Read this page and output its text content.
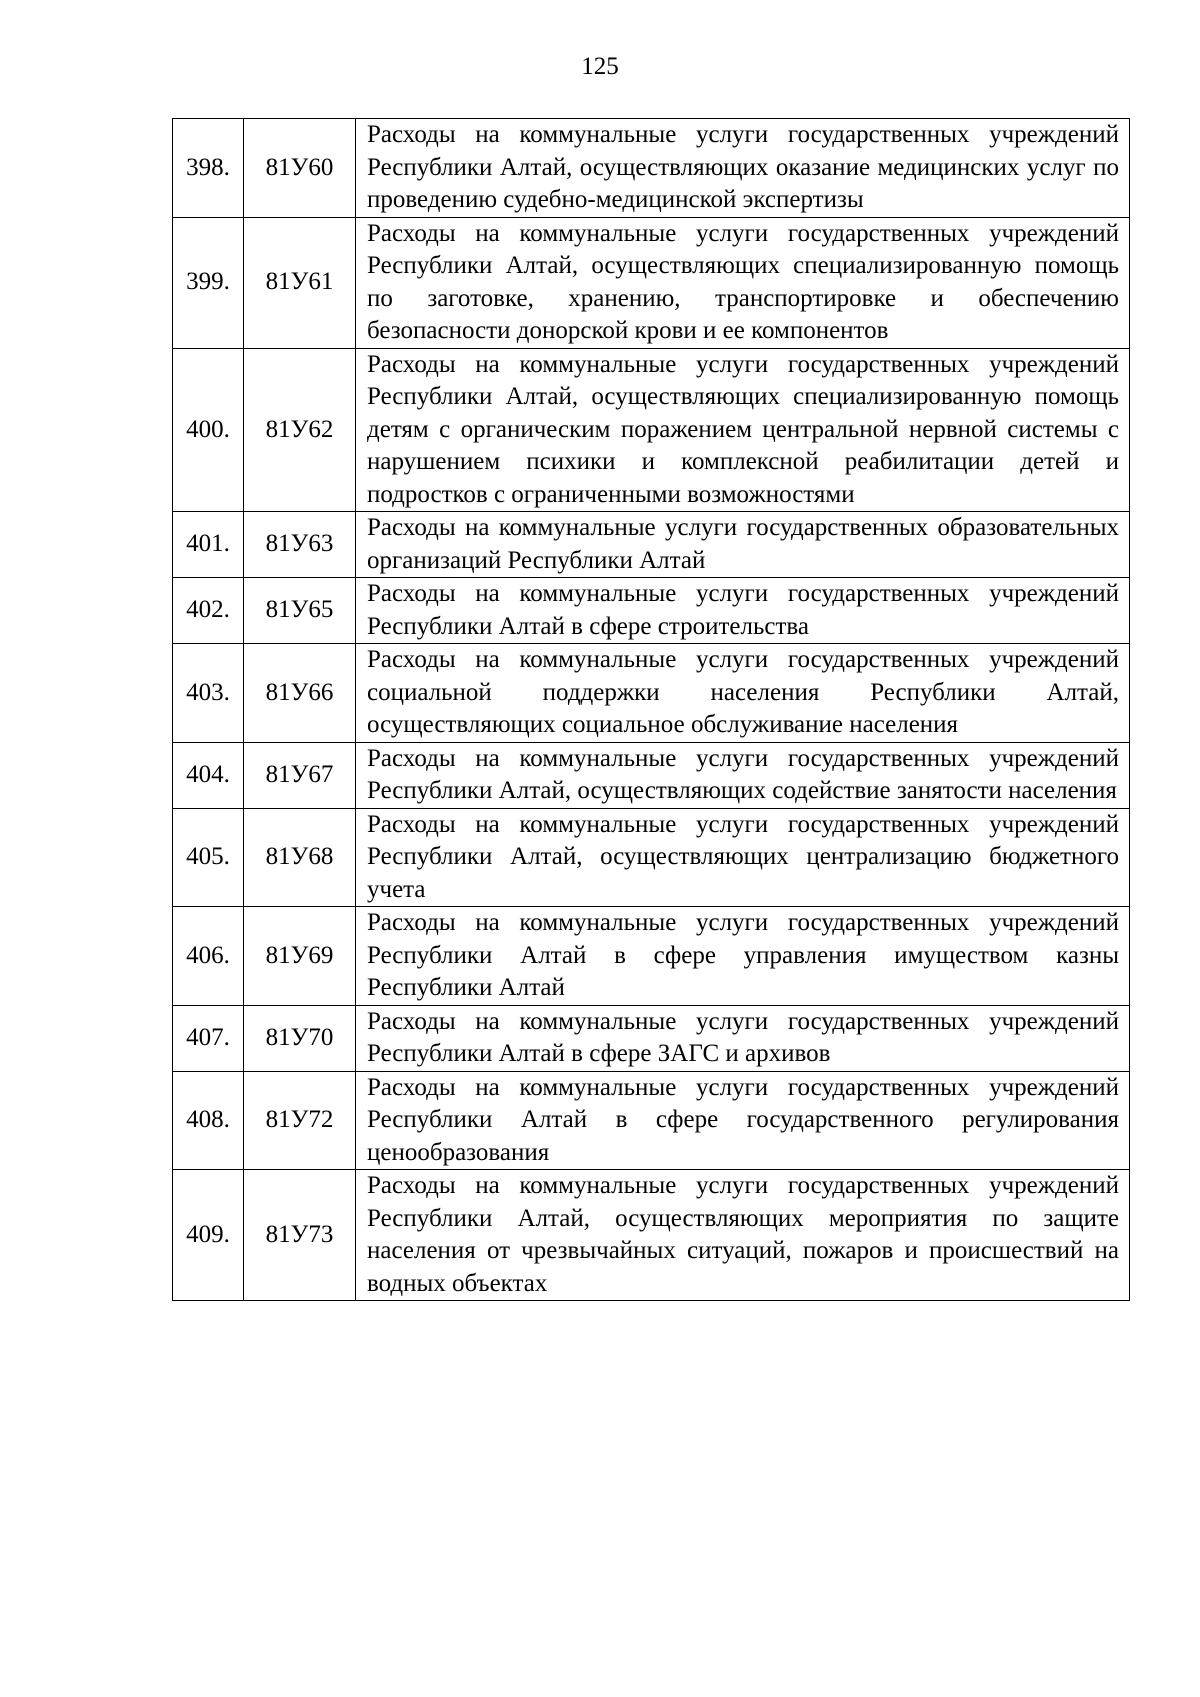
125
398.	81У60	Расходы на коммунальные услуги государственных учреждений Республики Алтай, осуществляющих оказание медицинских услуг по проведению судебно-медицинской экспертизы
399.	81У61	Расходы на коммунальные услуги государственных учреждений Республики Алтай, осуществляющих специализированную помощь по заготовке, хранению, транспортировке и обеспечению безопасности донорской крови и ее компонентов
400.	81У62	Расходы на коммунальные услуги государственных учреждений Республики Алтай, осуществляющих специализированную помощь детям с органическим поражением центральной нервной системы с нарушением психики и комплексной реабилитации детей и подростков с ограниченными возможностями
401.	81У63	Расходы на коммунальные услуги государственных образовательных организаций Республики Алтай
402.	81У65	Расходы на коммунальные услуги государственных учреждений Республики Алтай в сфере строительства
403.	81У66	Расходы на коммунальные услуги государственных учреждений социальной поддержки населения Республики Алтай, осуществляющих социальное обслуживание населения
404.	81У67	Расходы на коммунальные услуги государственных учреждений Республики Алтай, осуществляющих содействие занятости населения
405.	81У68	Расходы на коммунальные услуги государственных учреждений Республики Алтай, осуществляющих централизацию бюджетного учета
406.	81У69	Расходы на коммунальные услуги государственных учреждений Республики Алтай в сфере управления имуществом казны Республики Алтай
407.	81У70	Расходы на коммунальные услуги государственных учреждений Республики Алтай в сфере ЗАГС и архивов
408.	81У72	Расходы на коммунальные услуги государственных учреждений Республики Алтай в сфере государственного регулирования ценообразования
409.	81У73	Расходы на коммунальные услуги государственных учреждений Республики Алтай, осуществляющих мероприятия по защите населения от чрезвычайных ситуаций, пожаров и происшествий на водных объектах
